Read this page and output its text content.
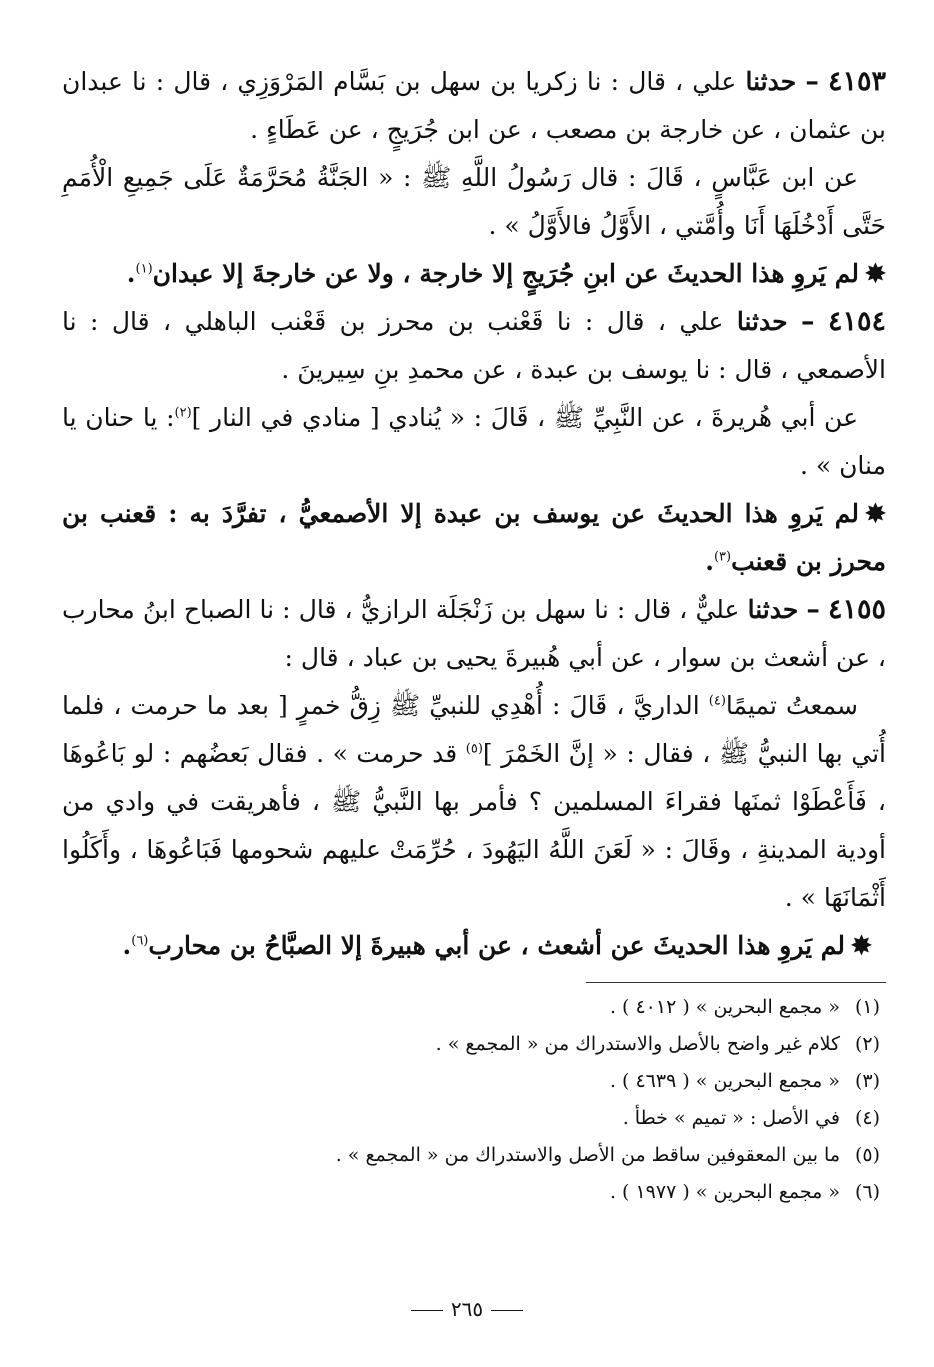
٤١٥٣ – حدثنا علي ، قال : نا زكريا بن سهل بن بَسَّام المَرْوَزِي ، قال : نا عبدان بن عثمان ، عن خارجة بن مصعب ، عن ابن جُرَيجٍ ، عن عَطَاءٍ .

عن ابن عَبَّاسٍ ، قَالَ : قال رَسُولُ اللَّهِ ﷺ : « الجَنَّةُ مُحَرَّمَةٌ عَلَى جَمِيعِ الْأُمَمِ حَتَّى أَدْخُلَهَا أَنَا وأُمَّتي ، الأَوَّلُ فالأَوَّلُ » .

✸لم يَروِ هذا الحديثَ عن ابنِ جُرَيجٍ إلا خارجة ، ولا عن خارجةَ إلا عبدان$^{(١)}$.

٤١٥٤ – حدثنا علي ، قال : نا قَعْنب بن محرز بن قَعْنب الباهلي ، قال : نا الأصمعي ، قال : نا يوسف بن عبدة ، عن محمدِ بنِ سِيرينَ .

عن أبي هُريرةَ ، عن النَّبِيِّ ﷺ ، قَالَ : « يُنادي [ منادي في النار ]$^{(٢)}$: يا حنان يا منان » .

✸لم يَروِ هذا الحديثَ عن يوسف بن عبدة إلا الأصمعيُّ ، تفرَّدَ به : قعنب بن محرز بن قعنب$^{(٣)}$.

٤١٥٥ – حدثنا عليٌّ ، قال : نا سهل بن زَنْجَلَة الرازيُّ ، قال : نا الصباح ابنُ محارب ، عن أشعث بن سوار ، عن أبي هُبيرةَ يحيى بن عباد ، قال :

سمعتُ تميمًا$^{(٤)}$ الداريَّ ، قَالَ : أُهْدِي للنبيِّ ﷺ زِقُّ خمرٍ [ بعد ما حرمت ، فلما أُتي بها النبيُّ ﷺ ، فقال : « إنَّ الخَمْرَ ]$^{(٥)}$ قد حرمت » . فقال بَعضُهم : لو بَاعُوهَا ، فَأَعْطَوْا ثمنَها فقراءَ المسلمين ؟ فأمر بها النَّبيُّ ﷺ ، فأهريقت في وادي من أودية المدينةِ ، وقَالَ : « لَعَنَ اللَّهُ اليَهُودَ ، حُرِّمَتْ عليهم شحومها فَبَاعُوهَا ، وأَكَلُوا أَثْمَانَهَا » .

✸لم يَروِ هذا الحديثَ عن أشعث ، عن أبي هبيرةَ إلا الصبَّاحُ بن محارب$^{(٦)}$.

(١)« مجمع البحرين » ( ٤٠١٢ ) .

(٢)كلام غير واضح بالأصل والاستدراك من « المجمع » .

(٣)« مجمع البحرين » ( ٤٦٣٩ ) .

(٤)في الأصل : « تميم » خطأ .

(٥)ما بين المعقوفين ساقط من الأصل والاستدراك من « المجمع » .

(٦)« مجمع البحرين » ( ١٩٧٧ ) .

٢٦٥
